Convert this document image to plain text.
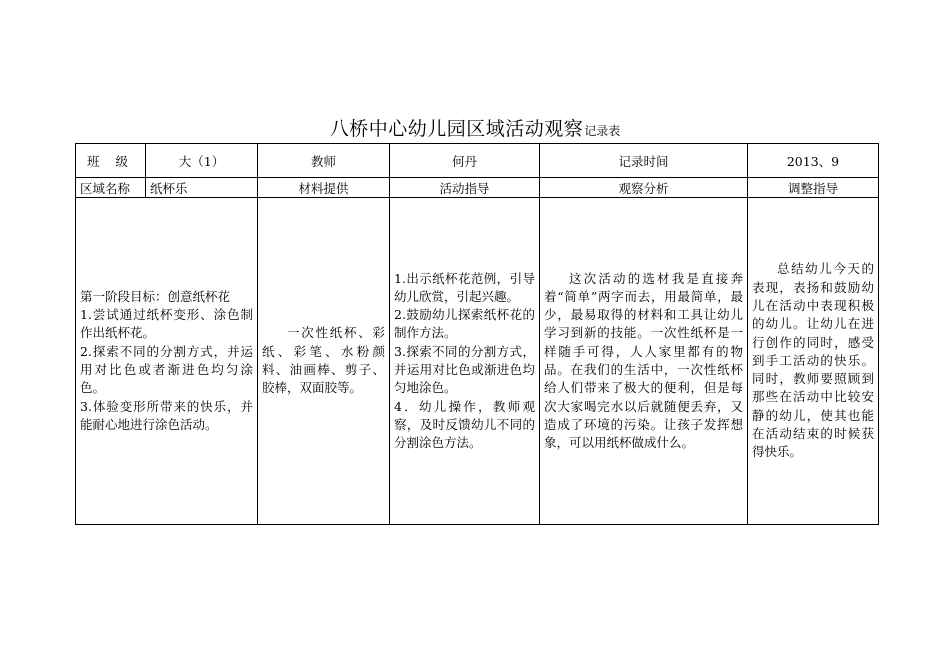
八桥中心幼儿园区域活动观察记录表
班 级	大（1）	教师	何丹	记录时间	2013、9
区域名称	纸杯乐	材料提供	活动指导	观察分析	调整指导

第一阶段目标：创意纸杯花
1.尝试通过纸杯变形、涂色制作出纸杯花。
2.探索不同的分割方式，并运用对比色或者渐进色均匀涂色。
3.体验变形所带来的快乐，并能耐心地进行涂色活动。		一次性纸杯、彩纸、彩笔、水粉颜料、油画棒、剪子、胶棒，双面胶等。	1.出示纸杯花范例，引导幼儿欣赏，引起兴趣。
2.鼓励幼儿探索纸杯花的制作方法。
3.探索不同的分割方式，并运用对比色或渐进色均匀地涂色。
4．幼儿操作，教师观察，及时反馈幼儿不同的分割涂色方法。	这次活动的选材我是直接奔着“简单”两字而去，用最简单，最少，最易取得的材料和工具让幼儿学习到新的技能。一次性纸杯是一样随手可得，人人家里都有的物品。在我们的生活中，一次性纸杯给人们带来了极大的便利，但是每次大家喝完水以后就随便丢弃，又造成了环境的污染。让孩子发挥想象，可以用纸杯做成什么。	总结幼儿今天的表现，表扬和鼓励幼儿在活动中表现积极的幼儿。让幼儿在进行创作的同时，感受到手工活动的快乐。同时，教师要照顾到那些在活动中比较安静的幼儿，使其也能在活动结束的时候获得快乐。
